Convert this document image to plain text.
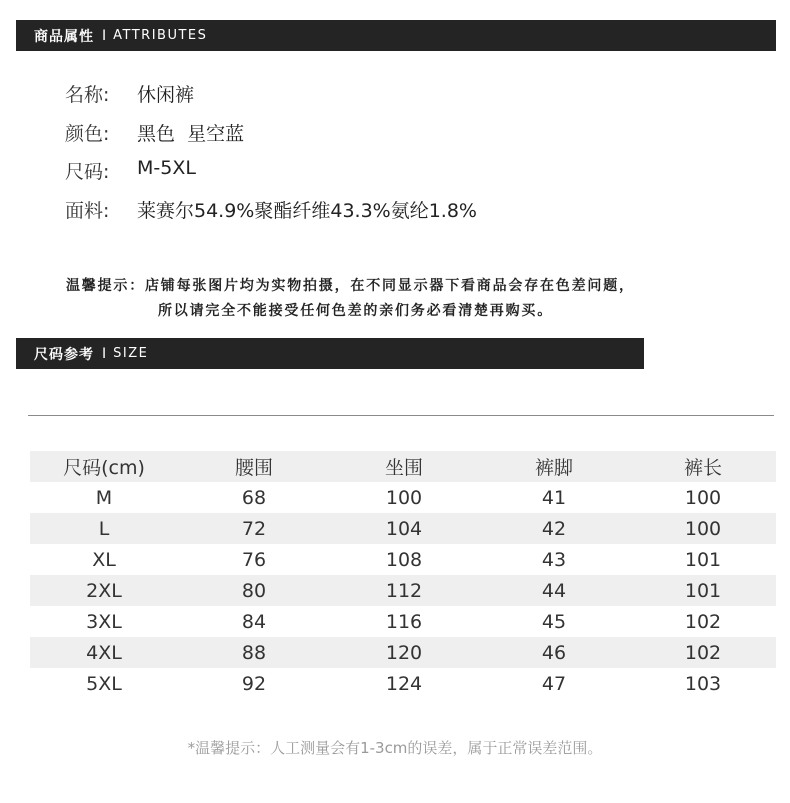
商品属性 I ATTRIBUTES
名称:	休闲裤
颜色:	黑色  星空蓝
尺码:	M-5XL
面料:	莱赛尔54.9%聚酯纤维43.3%氨纶1.8%
温馨提示：店铺每张图片均为实物拍摄，在不同显示器下看商品会存在色差问题，
所以请完全不能接受任何色差的亲们务必看清楚再购买。
尺码参考 I SIZE
尺码(cm)	腰围	坐围	裤脚	裤长
M	68	100	41	100
L	72	104	42	100
XL	76	108	43	101
2XL	80	112	44	101
3XL	84	116	45	102
4XL	88	120	46	102
5XL	92	124	47	103
*温馨提示：人工测量会有1-3cm的误差，属于正常误差范围。
